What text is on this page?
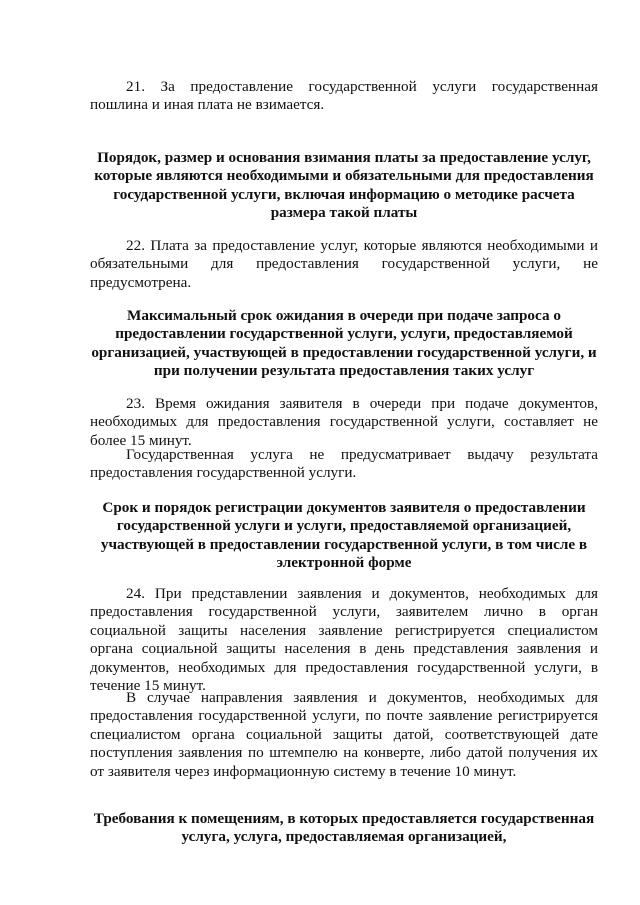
21. За предоставление государственной услуги государственная пошлина и иная плата не взимается.

Порядок, размер и основания взимания платы за предоставление услуг, которые являются необходимыми и обязательными для предоставления государственной услуги, включая информацию о методике расчета размера такой платы

22. Плата за предоставление услуг, которые являются необходимыми и обязательными для предоставления государственной услуги, не предусмотрена.

Максимальный срок ожидания в очереди при подаче запроса о предоставлении государственной услуги, услуги, предоставляемой организацией, участвующей в предоставлении государственной услуги, и при получении результата предоставления таких услуг

23. Время ожидания заявителя в очереди при подаче документов, необходимых для предоставления государственной услуги, составляет не более 15 минут.

Государственная услуга не предусматривает выдачу результата предоставления государственной услуги.

Срок и порядок регистрации документов заявителя о предоставлении государственной услуги и услуги, предоставляемой организацией, участвующей в предоставлении государственной услуги, в том числе в электронной форме

24. При представлении заявления и документов, необходимых для предоставления государственной услуги, заявителем лично в орган социальной защиты населения заявление регистрируется специалистом органа социальной защиты населения в день представления заявления и документов, необходимых для предоставления государственной услуги, в течение 15 минут.

В случае направления заявления и документов, необходимых для предоставления государственной услуги, по почте заявление регистрируется специалистом органа социальной защиты датой, соответствующей дате поступления заявления по штемпелю на конверте, либо датой получения их от заявителя через информационную систему в течение 10 минут.

Требования к помещениям, в которых предоставляется государственная услуга, услуга, предоставляемая организацией,
